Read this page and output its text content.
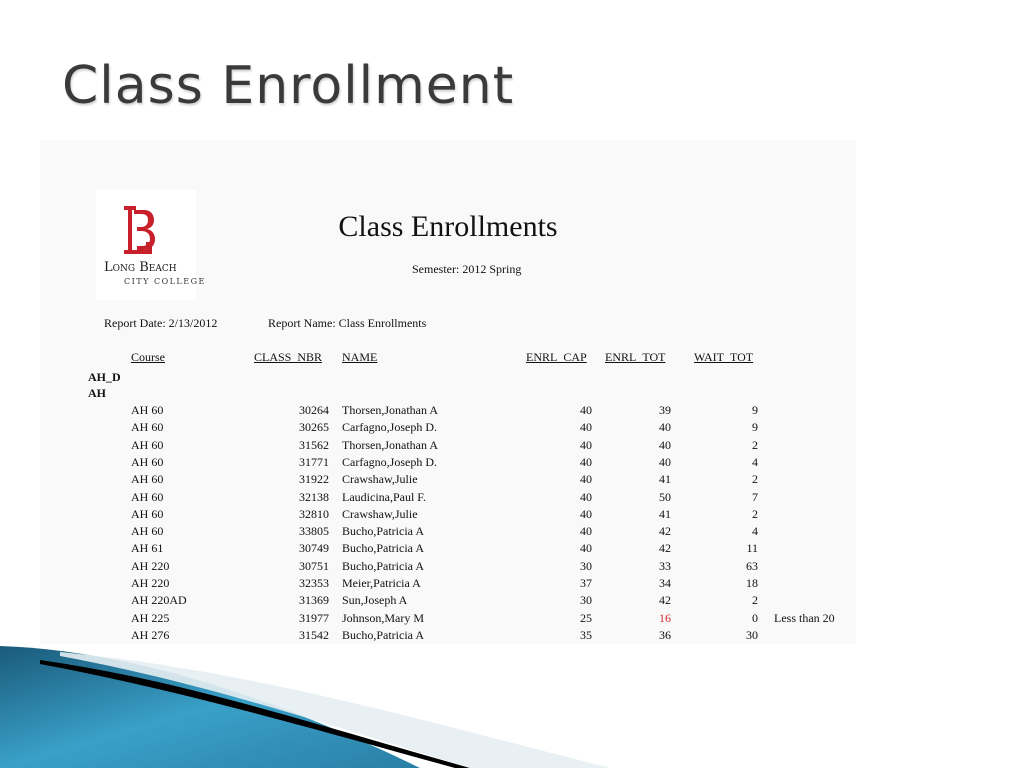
Class Enrollment
Long Beach
CITY COLLEGE
Class Enrollments
Semester: 2012 Spring
Report Date: 2/13/2012	Report Name: Class Enrollments
Course	CLASS_NBR NAME	ENRL_CAP ENRL_TOT WAIT_TOT
AH_D
AH
AH 60	30264 Thorsen,Jonathan A	40	39	9
AH 60	30265 Carfagno,Joseph D.	40	40	9
AH 60	31562 Thorsen,Jonathan A	40	40	2
AH 60	31771 Carfagno,Joseph D.	40	40	4
AH 60	31922 Crawshaw,Julie	40	41	2
AH 60	32138 Laudicina,Paul F.	40	50	7
AH 60	32810 Crawshaw,Julie	40	41	2
AH 60	33805 Bucho,Patricia A	40	42	4
AH 61	30749 Bucho,Patricia A	40	42	11
AH 220	30751 Bucho,Patricia A	30	33	63
AH 220	32353 Meier,Patricia A	37	34	18
AH 220AD	31369 Sun,Joseph A	30	42	2
AH 225	31977 Johnson,Mary M	25	16	0 Less than 20
AH 276	31542 Bucho,Patricia A	35	36	30
